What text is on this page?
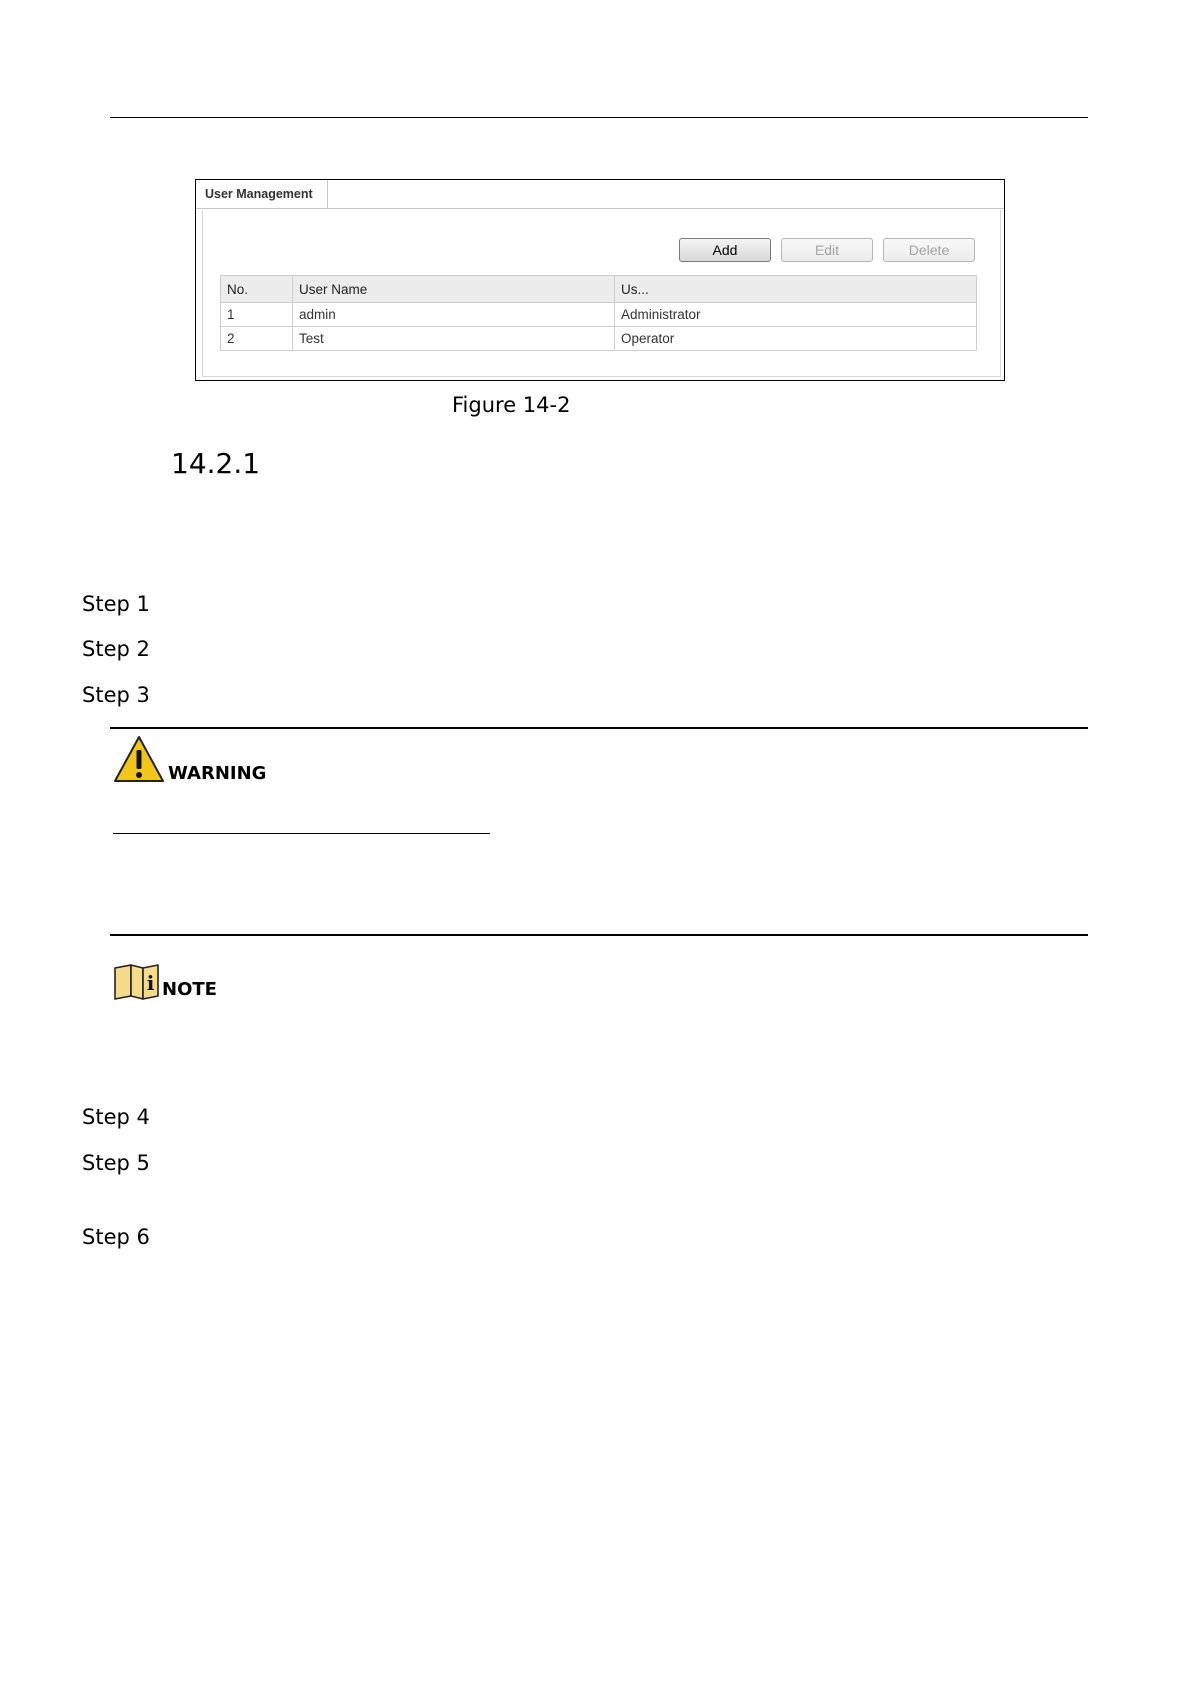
User Management
Add	Edit	Delete
No.	User Name	Us...
1	admin	Administrator
2	Test	Operator
Figure 14-2
14.2.1
Step 1
Step 2
Step 3
WARNING
i NOTE
Step 4
Step 5
Step 6
